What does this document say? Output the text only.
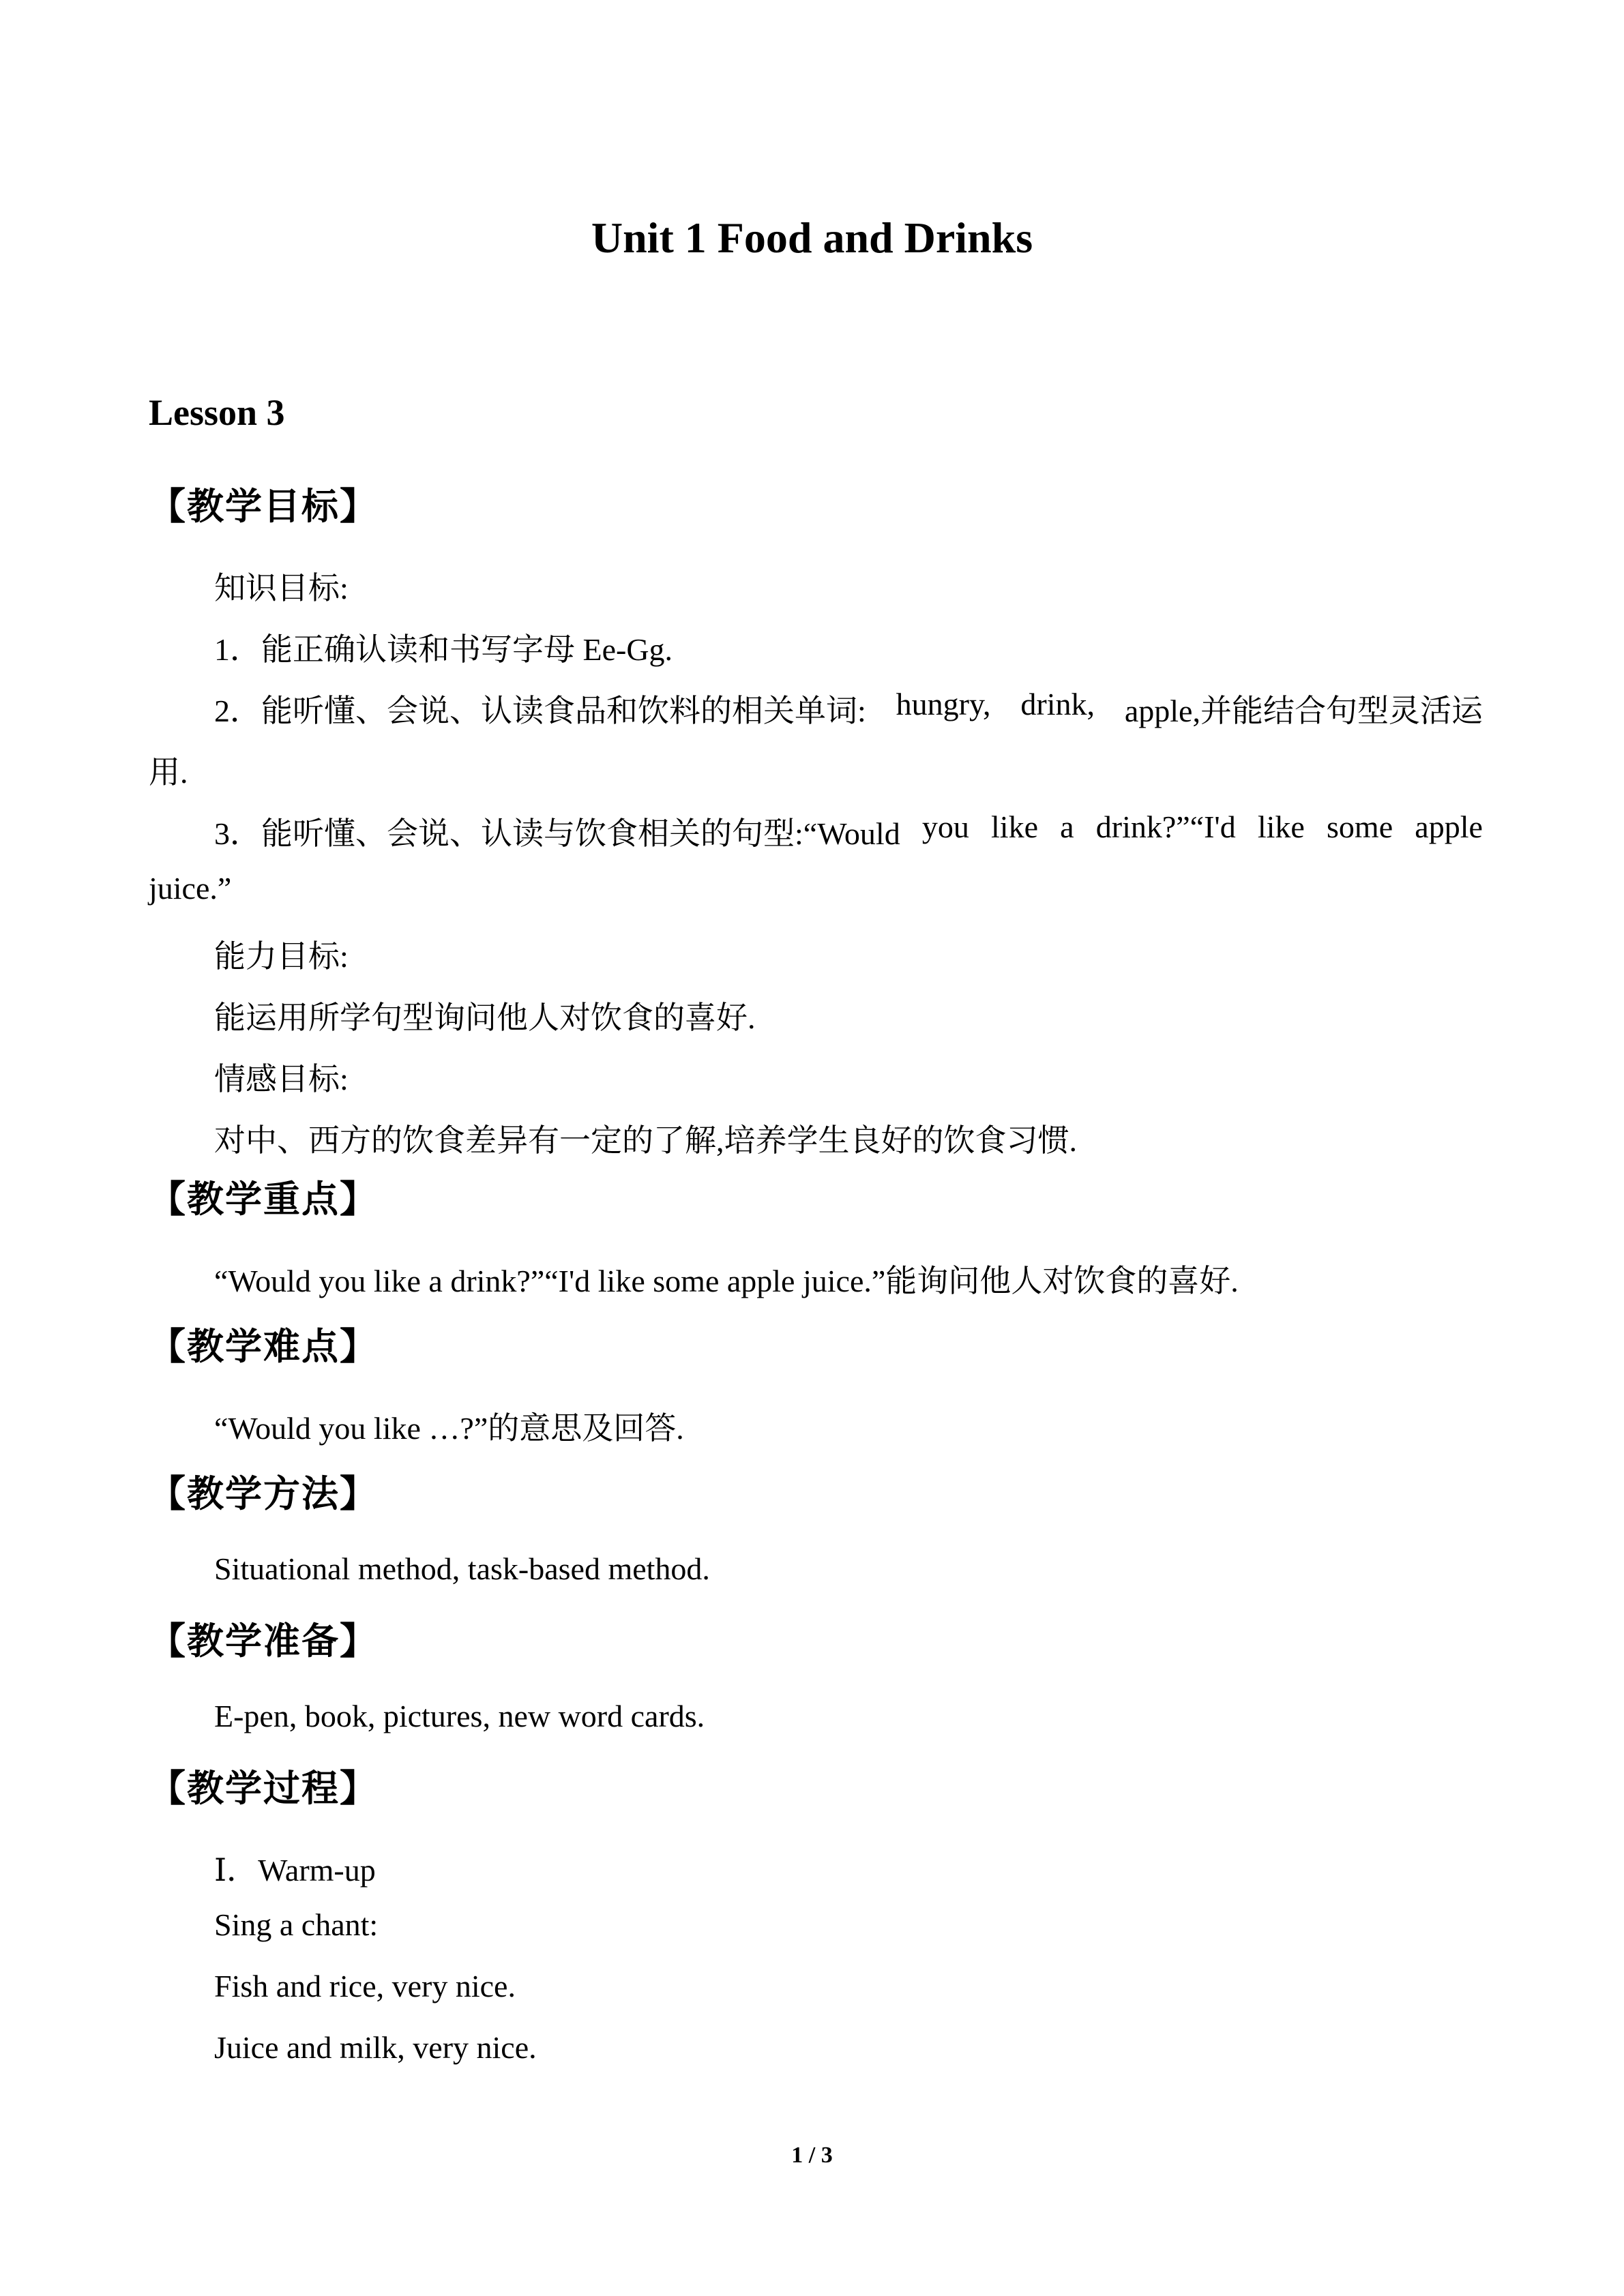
Unit 1 Food and Drinks
Lesson 3
【教学目标】
知识目标:
1．能正确认读和书写字母 Ee-Gg.
2．能听懂、会说、认读食品和饮料的相关单词: hungry, drink, apple,并能结合句型灵活运
用.
3．能听懂、会说、认读与饮食相关的句型:“Would you like a drink?”“I'd like some apple
juice.”
能力目标:
能运用所学句型询问他人对饮食的喜好.
情感目标:
对中、西方的饮食差异有一定的了解,培养学生良好的饮食习惯.
【教学重点】
“Would you like a drink?”“I'd like some apple juice.”能询问他人对饮食的喜好.
【教学难点】
“Would you like …?”的意思及回答.
【教学方法】
Situational method, task-based method.
【教学准备】
E-pen, book, pictures, new word cards.
【教学过程】
Ⅰ．Warm-up
Sing a chant:
Fish and rice, very nice.
Juice and milk, very nice.
1 / 3
